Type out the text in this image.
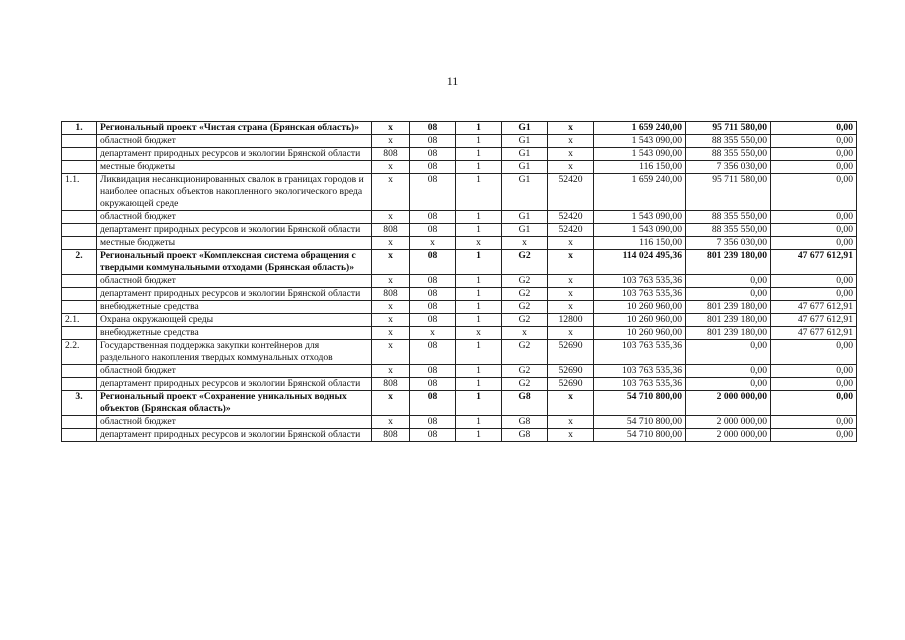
11
1.	Региональный проект «Чистая страна (Брянская область)»	х	08	1	G1	х	1 659 240,00	95 711 580,00	0,00
	областной бюджет	х	08	1	G1	х	1 543 090,00	88 355 550,00	0,00
	департамент природных ресурсов и экологии Брянской области	808	08	1	G1	х	1 543 090,00	88 355 550,00	0,00
	местные бюджеты	х	08	1	G1	х	116 150,00	7 356 030,00	0,00
1.1.	Ликвидация несанкционированных свалок в границах городов и наиболее опасных объектов накопленного экологического вреда окружающей среде	х	08	1	G1	52420	1 659 240,00	95 711 580,00	0,00
	областной бюджет	х	08	1	G1	52420	1 543 090,00	88 355 550,00	0,00
	департамент природных ресурсов и экологии Брянской области	808	08	1	G1	52420	1 543 090,00	88 355 550,00	0,00
	местные бюджеты	х	х	х	х	х	116 150,00	7 356 030,00	0,00
2.	Региональный проект «Комплексная система обращения с твердыми коммунальными отходами (Брянская область)»	х	08	1	G2	х	114 024 495,36	801 239 180,00	47 677 612,91
	областной бюджет	х	08	1	G2	х	103 763 535,36	0,00	0,00
	департамент природных ресурсов и экологии Брянской области	808	08	1	G2	х	103 763 535,36	0,00	0,00
	внебюджетные средства	х	08	1	G2	х	10 260 960,00	801 239 180,00	47 677 612,91
2.1.	Охрана окружающей среды	х	08	1	G2	12800	10 260 960,00	801 239 180,00	47 677 612,91
	внебюджетные средства	х	х	х	х	х	10 260 960,00	801 239 180,00	47 677 612,91
2.2.	Государственная поддержка закупки контейнеров для раздельного накопления твердых коммунальных отходов	х	08	1	G2	52690	103 763 535,36	0,00	0,00
	областной бюджет	х	08	1	G2	52690	103 763 535,36	0,00	0,00
	департамент природных ресурсов и экологии Брянской области	808	08	1	G2	52690	103 763 535,36	0,00	0,00
3.	Региональный проект «Сохранение уникальных водных объектов (Брянская область)»	х	08	1	G8	х	54 710 800,00	2 000 000,00	0,00
	областной бюджет	х	08	1	G8	х	54 710 800,00	2 000 000,00	0,00
	департамент природных ресурсов и экологии Брянской области	808	08	1	G8	х	54 710 800,00	2 000 000,00	0,00
